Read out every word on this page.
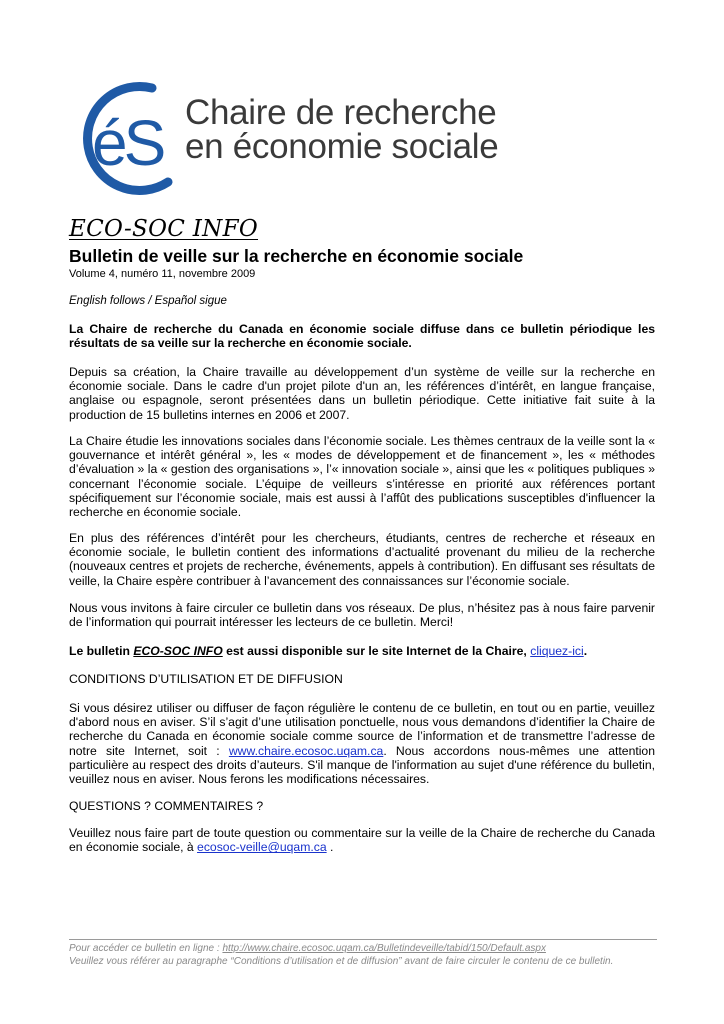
éS Chaire de recherche
en économie sociale
ECO-SOC INFO
Bulletin de veille sur la recherche en économie sociale
Volume 4, numéro 11, novembre 2009
English follows / Español sigue
La Chaire de recherche du Canada en économie sociale diffuse dans ce bulletin périodique les résultats de sa veille sur la recherche en économie sociale.
Depuis sa création, la Chaire travaille au développement d’un système de veille sur la recherche en économie sociale. Dans le cadre d'un projet pilote d'un an, les références d’intérêt, en langue française, anglaise ou espagnole, seront présentées dans un bulletin périodique. Cette initiative fait suite à la production de 15 bulletins internes en 2006 et 2007.
La Chaire étudie les innovations sociales dans l’économie sociale. Les thèmes centraux de la veille sont la « gouvernance et intérêt général », les « modes de développement et de financement », les « méthodes d’évaluation » la « gestion des organisations », l’« innovation sociale », ainsi que les « politiques publiques » concernant l’économie sociale. L’équipe de veilleurs s’intéresse en priorité aux références portant spécifiquement sur l’économie sociale, mais est aussi à l’affût des publications susceptibles d'influencer la recherche en économie sociale.
En plus des références d’intérêt pour les chercheurs, étudiants, centres de recherche et réseaux en économie sociale, le bulletin contient des informations d’actualité provenant du milieu de la recherche (nouveaux centres et projets de recherche, événements, appels à contribution). En diffusant ses résultats de veille, la Chaire espère contribuer à l’avancement des connaissances sur l’économie sociale.
Nous vous invitons à faire circuler ce bulletin dans vos réseaux. De plus, n’hésitez pas à nous faire parvenir de l’information qui pourrait intéresser les lecteurs de ce bulletin. Merci!
Le bulletin ECO-SOC INFO est aussi disponible sur le site Internet de la Chaire, cliquez-ici.
CONDITIONS D’UTILISATION ET DE DIFFUSION
Si vous désirez utiliser ou diffuser de façon régulière le contenu de ce bulletin, en tout ou en partie, veuillez d'abord nous en aviser. S’il s’agit d’une utilisation ponctuelle, nous vous demandons d’identifier la Chaire de recherche du Canada en économie sociale comme source de l’information et de transmettre l’adresse de notre site Internet, soit : www.chaire.ecosoc.uqam.ca. Nous accordons nous-mêmes une attention particulière au respect des droits d’auteurs. S'il manque de l'information au sujet d'une référence du bulletin, veuillez nous en aviser. Nous ferons les modifications nécessaires.
QUESTIONS ? COMMENTAIRES ?
Veuillez nous faire part de toute question ou commentaire sur la veille de la Chaire de recherche du Canada en économie sociale, à ecosoc-veille@uqam.ca .
Pour accéder ce bulletin en ligne : http://www.chaire.ecosoc.uqam.ca/Bulletindeveille/tabid/150/Default.aspx
Veuillez vous référer au paragraphe “Conditions d’utilisation et de diffusion” avant de faire circuler le contenu de ce bulletin.
